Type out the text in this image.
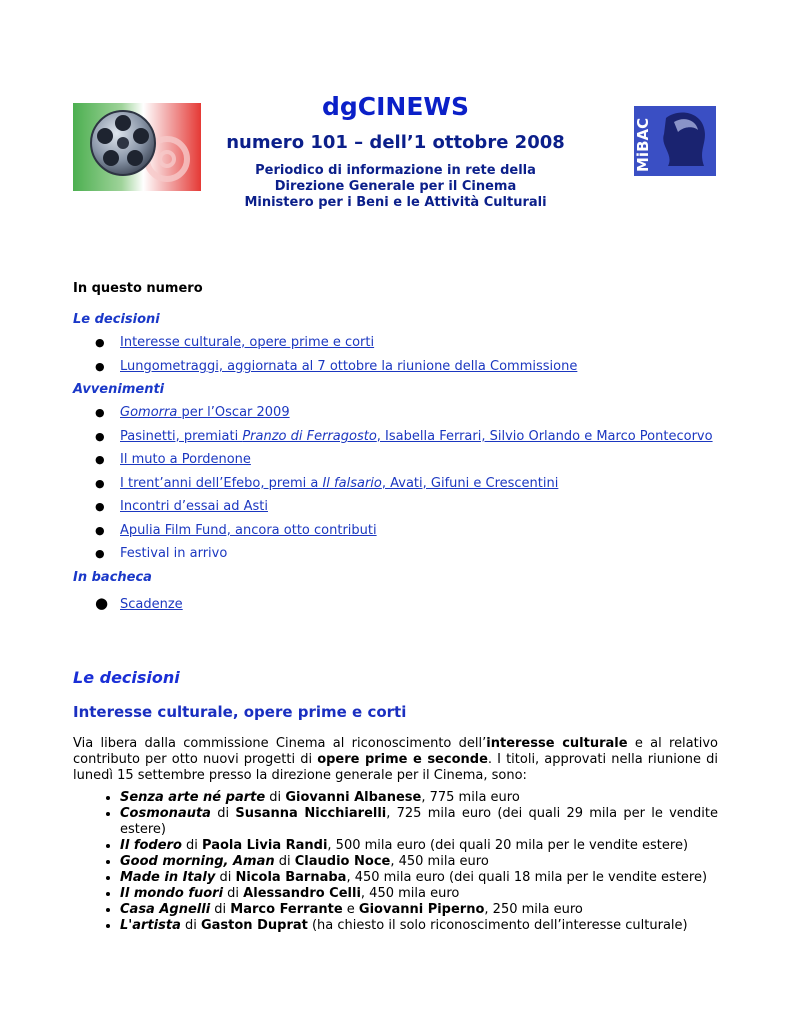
MiBAC
dgCINEWS
numero 101 – dell’1 ottobre 2008
Periodico di informazione in rete della
Direzione Generale per il Cinema
Ministero per i Beni e le Attività Culturali
In questo numero
Le decisioni
● Interesse culturale, opere prime e corti
● Lungometraggi, aggiornata al 7 ottobre la riunione della Commissione
Avvenimenti
● Gomorra per l’Oscar 2009
● Pasinetti, premiati Pranzo di Ferragosto, Isabella Ferrari, Silvio Orlando e Marco Pontecorvo
● Il muto a Pordenone
● I trent’anni dell’Efebo, premi a Il falsario, Avati, Gifuni e Crescentini
● Incontri d’essai ad Asti
● Apulia Film Fund, ancora otto contributi
● Festival in arrivo
In bacheca
● Scadenze
Le decisioni
Interesse culturale, opere prime e corti
Via libera dalla commissione Cinema al riconoscimento dell’interesse culturale e al relativo contributo per otto nuovi progetti di opere prime e seconde. I titoli, approvati nella riunione di lunedì 15 settembre presso la direzione generale per il Cinema, sono:
• Senza arte né parte di Giovanni Albanese, 775 mila euro
• Cosmonauta di Susanna Nicchiarelli, 725 mila euro (dei quali 29 mila per le vendite estere)
• Il fodero di Paola Livia Randi, 500 mila euro (dei quali 20 mila per le vendite estere)
• Good morning, Aman di Claudio Noce, 450 mila euro
• Made in Italy di Nicola Barnaba, 450 mila euro (dei quali 18 mila per le vendite estere)
• Il mondo fuori di Alessandro Celli, 450 mila euro
• Casa Agnelli di Marco Ferrante e Giovanni Piperno, 250 mila euro
• L'artista di Gaston Duprat (ha chiesto il solo riconoscimento dell’interesse culturale)
